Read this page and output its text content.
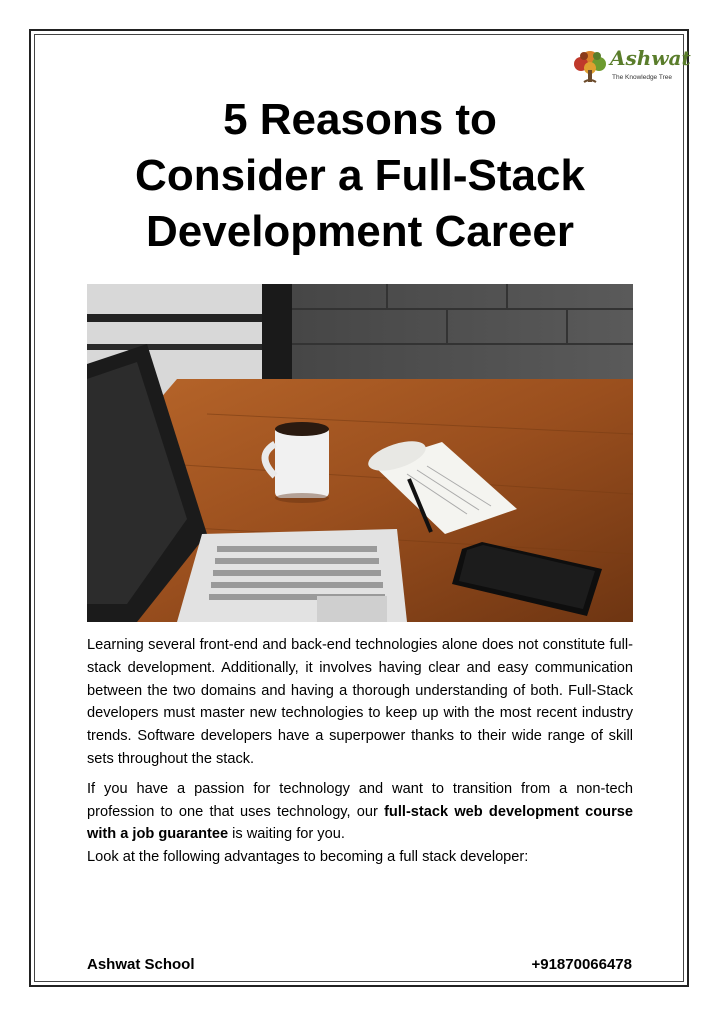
Ashwat
The Knowledge Tree
5 Reasons to
Consider a Full-Stack
Development Career

Learning several front-end and back-end technologies alone does not constitute full-stack development. Additionally, it involves having clear and easy communication between the two domains and having a thorough understanding of both. Full-Stack developers must master new technologies to keep up with the most recent industry trends. Software developers have a superpower thanks to their wide range of skill sets throughout the stack.

If you have a passion for technology and want to transition from a non-tech profession to one that uses technology, our full-stack web development course with a job guarantee is waiting for you.

Look at the following advantages to becoming a full stack developer:

Ashwat School	+91870066478
